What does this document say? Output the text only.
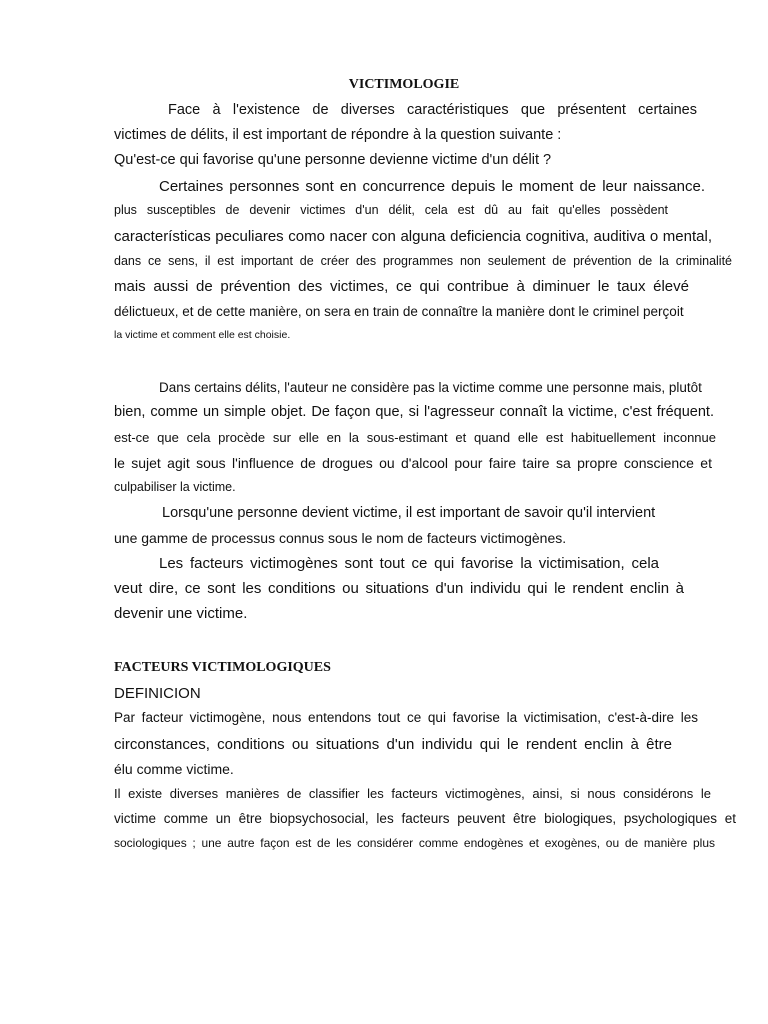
VICTIMOLOGIE
Face à l'existence de diverses caractéristiques que présentent certaines
victimes de délits, il est important de répondre à la question suivante :
Qu'est-ce qui favorise qu'une personne devienne victime d'un délit ?
Certaines personnes sont en concurrence depuis le moment de leur naissance.
plus susceptibles de devenir victimes d'un délit, cela est dû au fait qu'elles possèdent
características peculiares como nacer con alguna deficiencia cognitiva, auditiva o mental,
dans ce sens, il est important de créer des programmes non seulement de prévention de la criminalité
mais aussi de prévention des victimes, ce qui contribue à diminuer le taux élevé
délictueux, et de cette manière, on sera en train de connaître la manière dont le criminel perçoit
la victime et comment elle est choisie.
Dans certains délits, l'auteur ne considère pas la victime comme une personne mais, plutôt
bien, comme un simple objet. De façon que, si l'agresseur connaît la victime, c'est fréquent.
est-ce que cela procède sur elle en la sous-estimant et quand elle est habituellement inconnue
le sujet agit sous l'influence de drogues ou d'alcool pour faire taire sa propre conscience et
culpabiliser la victime.
Lorsqu'une personne devient victime, il est important de savoir qu'il intervient
une gamme de processus connus sous le nom de facteurs victimogènes.
Les facteurs victimogènes sont tout ce qui favorise la victimisation, cela
veut dire, ce sont les conditions ou situations d'un individu qui le rendent enclin à
devenir une victime.
FACTEURS VICTIMOLOGIQUES
DEFINICION
Par facteur victimogène, nous entendons tout ce qui favorise la victimisation, c'est-à-dire les
circonstances, conditions ou situations d'un individu qui le rendent enclin à être
élu comme victime.
Il existe diverses manières de classifier les facteurs victimogènes, ainsi, si nous considérons le
victime comme un être biopsychosocial, les facteurs peuvent être biologiques, psychologiques et
sociologiques ; une autre façon est de les considérer comme endogènes et exogènes, ou de manière plus
